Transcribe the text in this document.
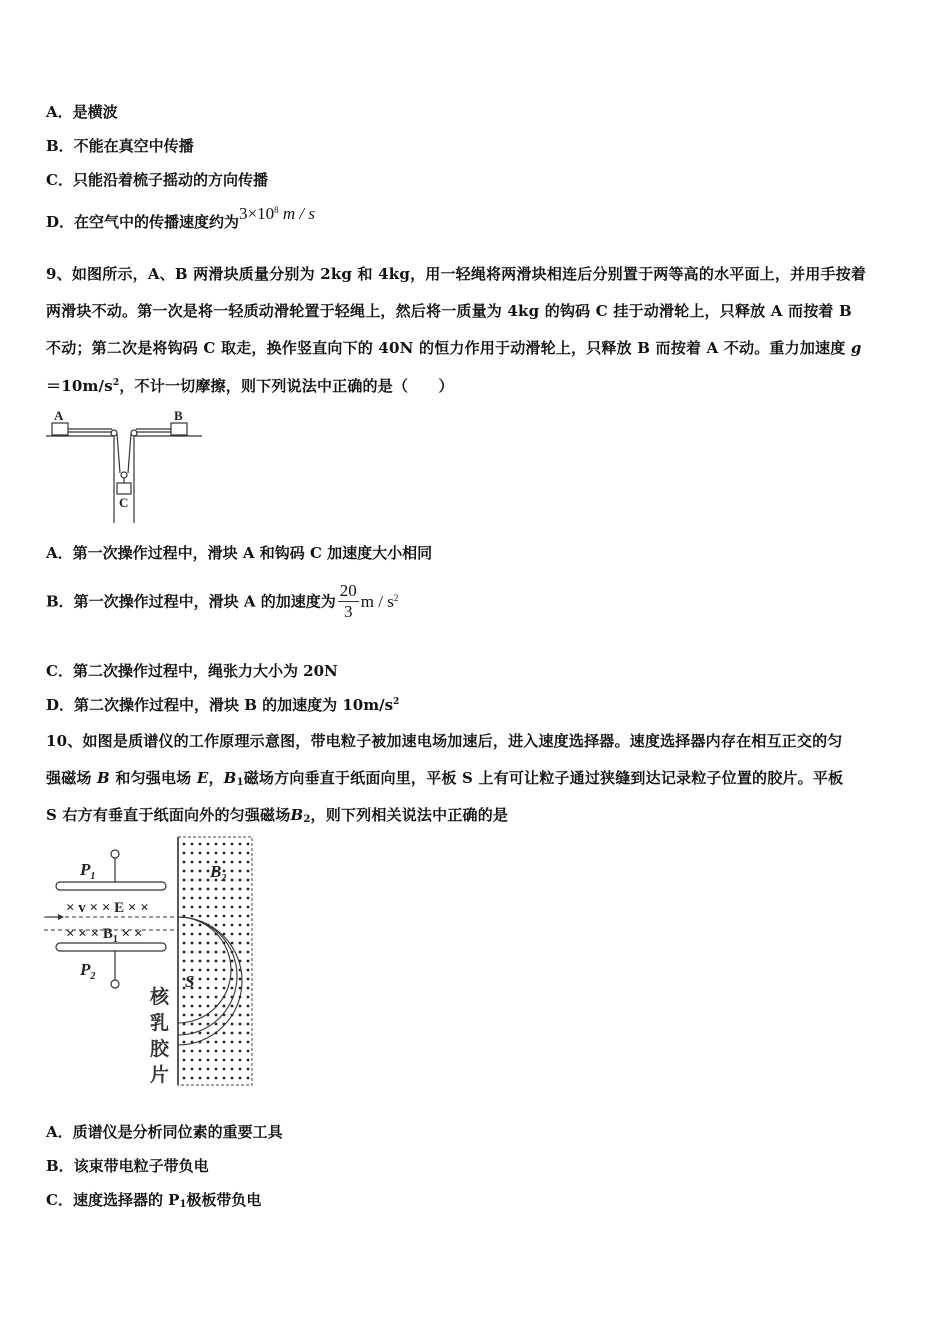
A．是横波
B．不能在真空中传播
C．只能沿着梳子摇动的方向传播
D．在空气中的传播速度约为$3\times 10^8$ m / s
9、如图所示，A、B 两滑块质量分别为 2kg 和 4kg，用一轻绳将两滑块相连后分别置于两等高的水平面上，并用手按着
两滑块不动。第一次是将一轻质动滑轮置于轻绳上，然后将一质量为 4kg 的钩码 C 挂于动滑轮上，只释放 A 而按着 B
不动；第二次是将钩码 C 取走，换作竖直向下的 40N 的恒力作用于动滑轮上，只释放 B 而按着 A 不动。重力加速度 g
$=10m/s^2$，不计一切摩擦，则下列说法中正确的是（　　）
A	B
C
A．第一次操作过程中，滑块 A 和钩码 C 加速度大小相同
B．第一次操作过程中，滑块 A 的加速度为 $\frac{20}{3}$ m / $s^2$
C．第二次操作过程中，绳张力大小为 20N
D．第二次操作过程中，滑块 B 的加速度为 $10m/s^2$
10、如图是质谱仪的工作原理示意图，带电粒子被加速电场加速后，进入速度选择器。速度选择器内存在相互正交的匀
强磁场 B 和匀强电场 E，$B_1$磁场方向垂直于纸面向里，平板 S 上有可让粒子通过狭缝到达记录粒子位置的胶片。平板
S 右方有垂直于纸面向外的匀强磁场$B_2$，则下列相关说法中正确的是
$P_1$
$P_2$
$B_2$
× v × × E × ×
× × × $B_1$ × ×
S
核
乳
胶
片
A．质谱仪是分析同位素的重要工具
B．该束带电粒子带负电
C．速度选择器的 $P_1$极板带负电
